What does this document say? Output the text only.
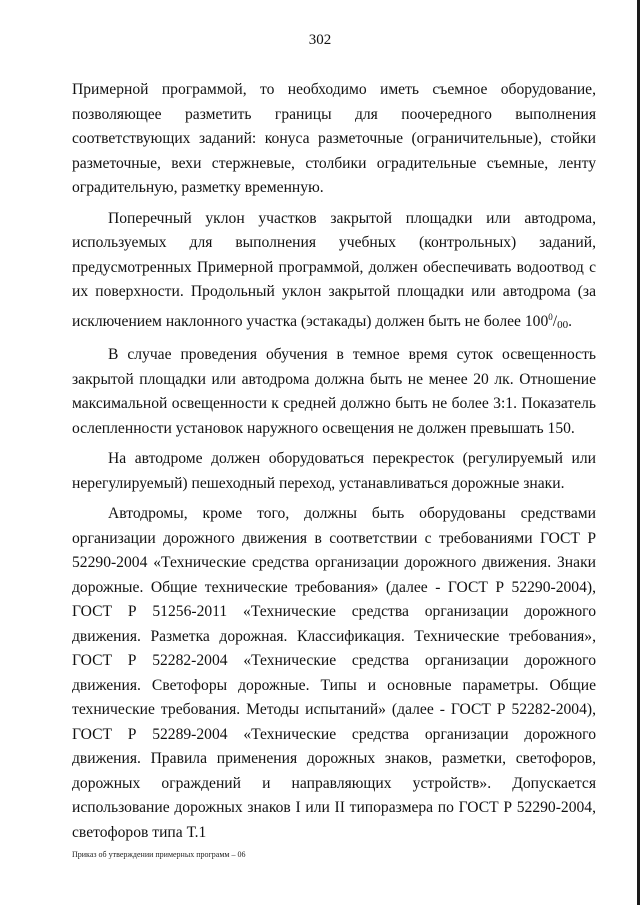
302

Примерной программой, то необходимо иметь съемное оборудование, позволяющее разметить границы для поочередного выполнения соответствующих заданий: конуса разметочные (ограничительные), стойки разметочные, вехи стержневые, столбики оградительные съемные, ленту оградительную, разметку временную.

Поперечный уклон участков закрытой площадки или автодрома, используемых для выполнения учебных (контрольных) заданий, предусмотренных Примерной программой, должен обеспечивать водоотвод с их поверхности. Продольный уклон закрытой площадки или автодрома (за исключением наклонного участка (эстакады) должен быть не более $100^0/00$.

В случае проведения обучения в темное время суток освещенность закрытой площадки или автодрома должна быть не менее 20 лк. Отношение максимальной освещенности к средней должно быть не более 3:1. Показатель ослепленности установок наружного освещения не должен превышать 150.

На автодроме должен оборудоваться перекресток (регулируемый или нерегулируемый) пешеходный переход, устанавливаться дорожные знаки.

Автодромы, кроме того, должны быть оборудованы средствами организации дорожного движения в соответствии с требованиями ГОСТ Р 52290-2004 «Технические средства организации дорожного движения. Знаки дорожные. Общие технические требования» (далее - ГОСТ Р 52290-2004), ГОСТ Р 51256-2011 «Технические средства организации дорожного движения. Разметка дорожная. Классификация. Технические требования», ГОСТ Р 52282-2004 «Технические средства организации дорожного движения. Светофоры дорожные. Типы и основные параметры. Общие технические требования. Методы испытаний» (далее - ГОСТ Р 52282-2004), ГОСТ Р 52289-2004 «Технические средства организации дорожного движения. Правила применения дорожных знаков, разметки, светофоров, дорожных ограждений и направляющих устройств». Допускается использование дорожных знаков I или II типоразмера по ГОСТ Р 52290-2004, светофоров типа Т.1

Приказ об утверждении примерных программ – 06
